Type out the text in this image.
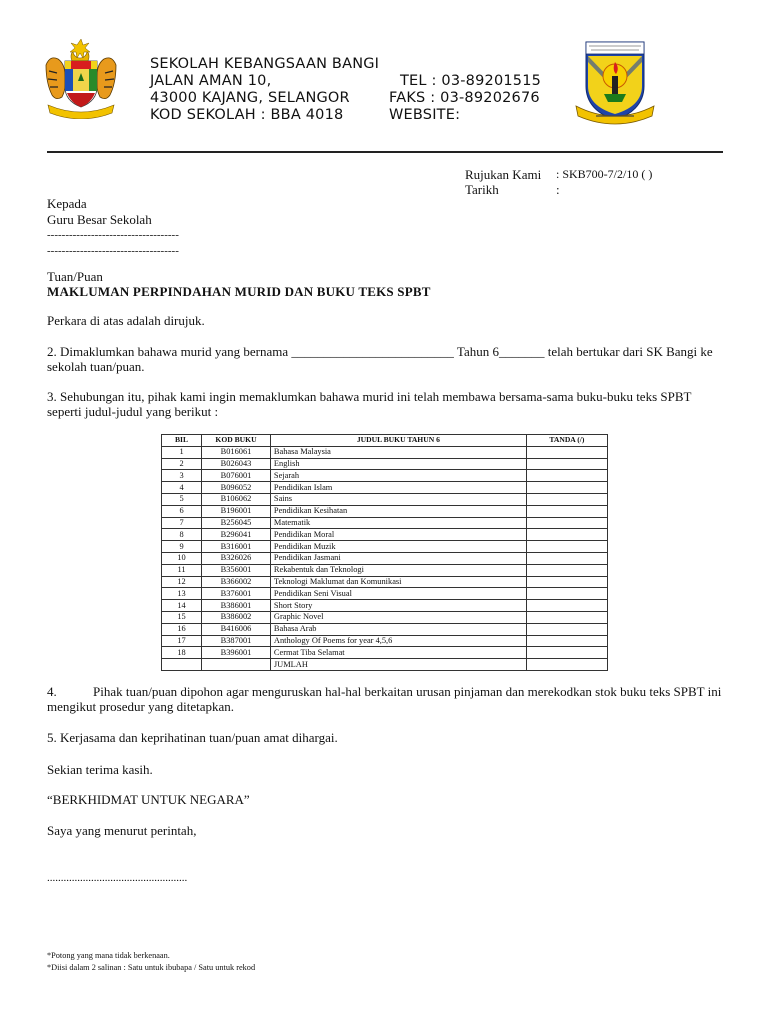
SEKOLAH KEBANGSAAN BANGI
JALAN AMAN 10,
43000 KAJANG, SELANGOR
KOD SEKOLAH : BBA 4018
TEL : 03-89201515
FAKS : 03-89202676
WEBSITE:
Rujukan Kami : SKB700-7/2/10 ( )
Tarikh	:
Kepada
Guru Besar Sekolah
------------------------------------
------------------------------------
Tuan/Puan
MAKLUMAN PERPINDAHAN MURID DAN BUKU TEKS SPBT
Perkara di atas adalah dirujuk.
2. Dimaklumkan bahawa murid yang bernama _________________________ Tahun 6_______ telah bertukar dari SK Bangi ke sekolah tuan/puan.
3. Sehubungan itu, pihak kami ingin memaklumkan bahawa murid ini telah membawa bersama-sama buku-buku teks SPBT seperti judul-judul yang berikut :
BIL	KOD BUKU	JUDUL BUKU TAHUN 6	TANDA (/)
1	B016061	Bahasa Malaysia	
2	B026043	English	
3	B076001	Sejarah	
4	B096052	Pendidikan Islam	
5	B106062	Sains	
6	B196001	Pendidikan Kesihatan	
7	B256045	Matematik	
8	B296041	Pendidikan Moral	
9	B316001	Pendidikan Muzik	
10	B326026	Pendidikan Jasmani	
11	B356001	Rekabentuk dan Teknologi	
12	B366002	Teknologi Maklumat dan Komunikasi	
13	B376001	Pendidikan Seni Visual	
14	B386001	Short Story	
15	B386002	Graphic Novel	
16	B416006	Bahasa Arab	
17	B387001	Anthology Of Poems for year 4,5,6	
18	B396001	Cermat Tiba Selamat	
		JUMLAH	
4.	Pihak tuan/puan dipohon agar menguruskan hal-hal berkaitan urusan pinjaman dan merekodkan stok buku teks SPBT ini mengikut prosedur yang ditetapkan.
5. Kerjasama dan keprihatinan tuan/puan amat dihargai.
Sekian terima kasih.
“BERKHIDMAT UNTUK NEGARA”
Saya yang menurut perintah,
...................................................
*Potong yang mana tidak berkenaan.
*Diisi dalam 2 salinan : Satu untuk ibubapa / Satu untuk rekod
